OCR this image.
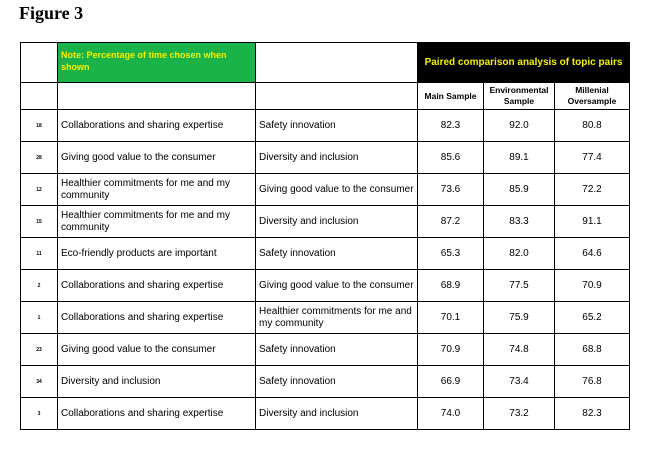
Figure 3
	Note: Percentage of time chosen when shown		Paired comparison analysis of topic pairs		
			Main Sample	Environmental Sample	Millenial Oversample
18	Collaborations and sharing expertise	Safety innovation	82.3	92.0	80.8
28	Giving good value to the consumer	Diversity and inclusion	85.6	89.1	77.4
12	Healthier commitments for me and my community	Giving good value to the consumer	73.6	85.9	72.2
15	Healthier commitments for me and my community	Diversity and inclusion	87.2	83.3	91.1
11	Eco-friendly products are important	Safety innovation	65.3	82.0	64.6
2	Collaborations and sharing expertise	Giving good value to the consumer	68.9	77.5	70.9
1	Collaborations and sharing expertise	Healthier commitments for me and my community	70.1	75.9	65.2
23	Giving good value to the consumer	Safety innovation	70.9	74.8	68.8
34	Diversity and inclusion	Safety innovation	66.9	73.4	76.8
3	Collaborations and sharing expertise	Diversity and inclusion	74.0	73.2	82.3
